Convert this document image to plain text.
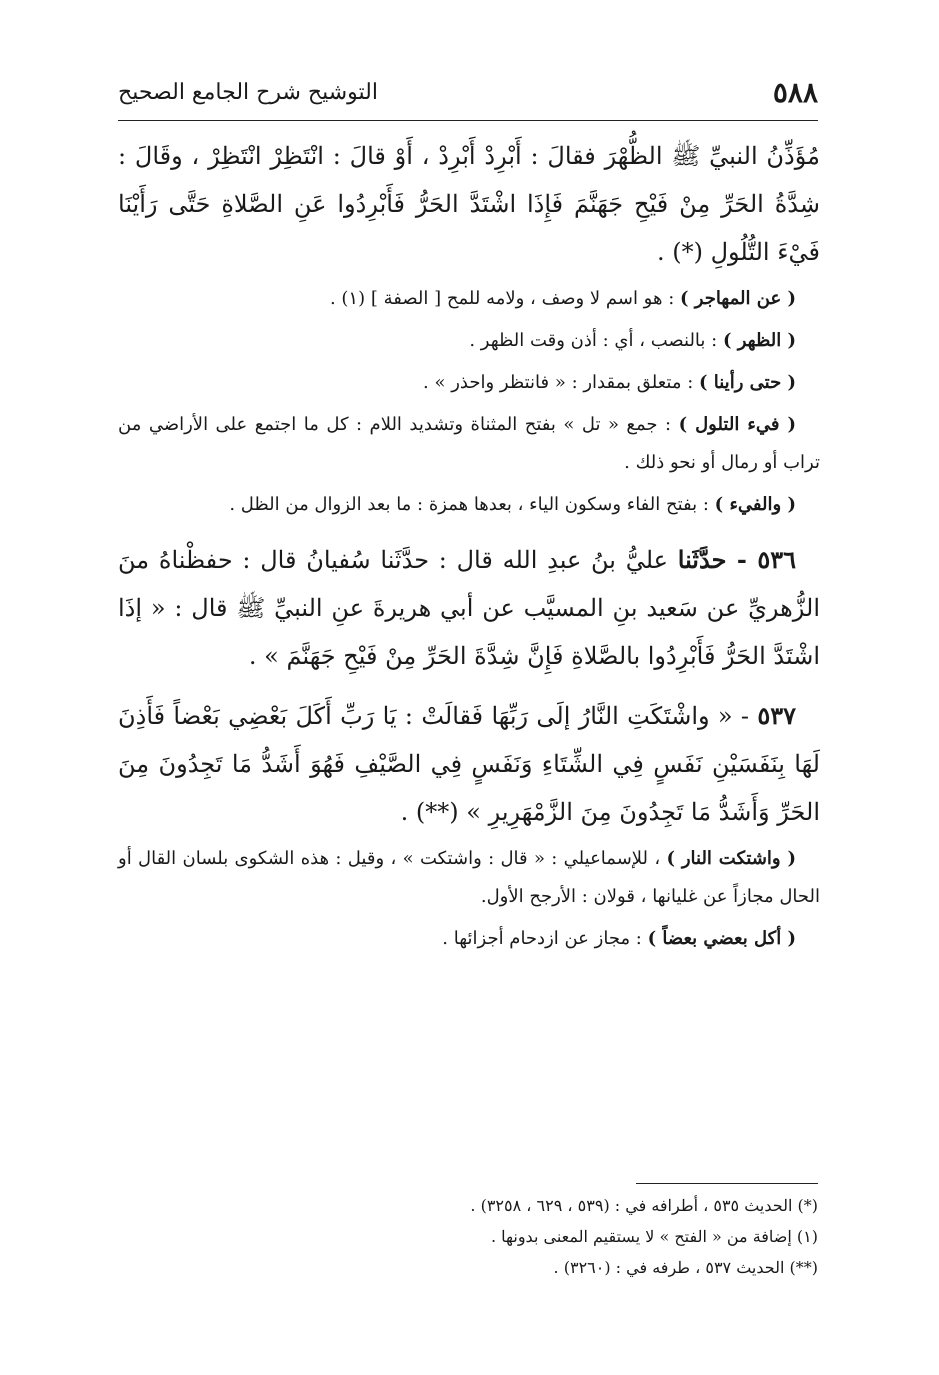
٥٨٨
التوشيح شرح الجامع الصحيح

مُؤَذِّنُ النبيِّ ﷺ الظُّهْرَ فقالَ : أَبْرِدْ أَبْرِدْ ، أَوْ قالَ : انْتَظِرْ انْتَظِرْ ، وقَالَ : شِدَّةُ الحَرِّ مِنْ فَيْحِ جَهَنَّمَ فَإِذَا اشْتَدَّ الحَرُّ فَأَبْرِدُوا عَنِ الصَّلاةِ حَتَّى رَأَيْنَا فَيْءَ التُّلُولِ (*) .

( عن المهاجر ) : هو اسم لا وصف ، ولامه للمح [ الصفة ] (١) .

( الظهر ) : بالنصب ، أي : أذن وقت الظهر .

( حتى رأينا ) : متعلق بمقدار : « فانتظر واحذر » .

( فيء التلول ) : جمع « تل » بفتح المثناة وتشديد اللام : كل ما اجتمع على الأراضي من تراب أو رمال أو نحو ذلك .

( والفيء ) : بفتح الفاء وسكون الياء ، بعدها همزة : ما بعد الزوال من الظل .

٥٣٦ - حدَّثَنا عليُّ بنُ عبدِ الله قال : حدَّثَنا سُفيانُ قال : حفظْناهُ منَ الزُّهريِّ عن سَعيد بنِ المسيَّب عن أبي هريرةَ عنِ النبيِّ ﷺ قال : « إذَا اشْتَدَّ الحَرُّ فَأَبْرِدُوا بالصَّلاةِ فَإِنَّ شِدَّةَ الحَرِّ مِنْ فَيْحِ جَهَنَّمَ » .

٥٣٧ - « واشْتَكَتِ النَّارُ إلَى رَبِّهَا فَقالَتْ : يَا رَبِّ أَكَلَ بَعْضِي بَعْضاً فَأَذِنَ لَهَا بِنَفَسَيْنِ نَفَسٍ فِي الشِّتَاءِ وَنَفَسٍ فِي الصَّيْفِ فَهُوَ أَشَدُّ مَا تَجِدُونَ مِنَ الحَرِّ وَأَشَدُّ مَا تَجِدُونَ مِنَ الزَّمْهَرِيرِ » (**) .

( واشتكت النار ) ، للإسماعيلي : « قال : واشتكت » ، وقيل : هذه الشكوى بلسان القال أو الحال مجازاً عن غليانها ، قولان : الأرجح الأول.

( أكل بعضي بعضاً ) : مجاز عن ازدحام أجزائها .

(*) الحديث ٥٣٥ ، أطرافه في : (٥٣٩ ، ٦٢٩ ، ٣٢٥٨) .
(١) إضافة من « الفتح » لا يستقيم المعنى بدونها .
(**) الحديث ٥٣٧ ، طرفه في : (٣٢٦٠) .
